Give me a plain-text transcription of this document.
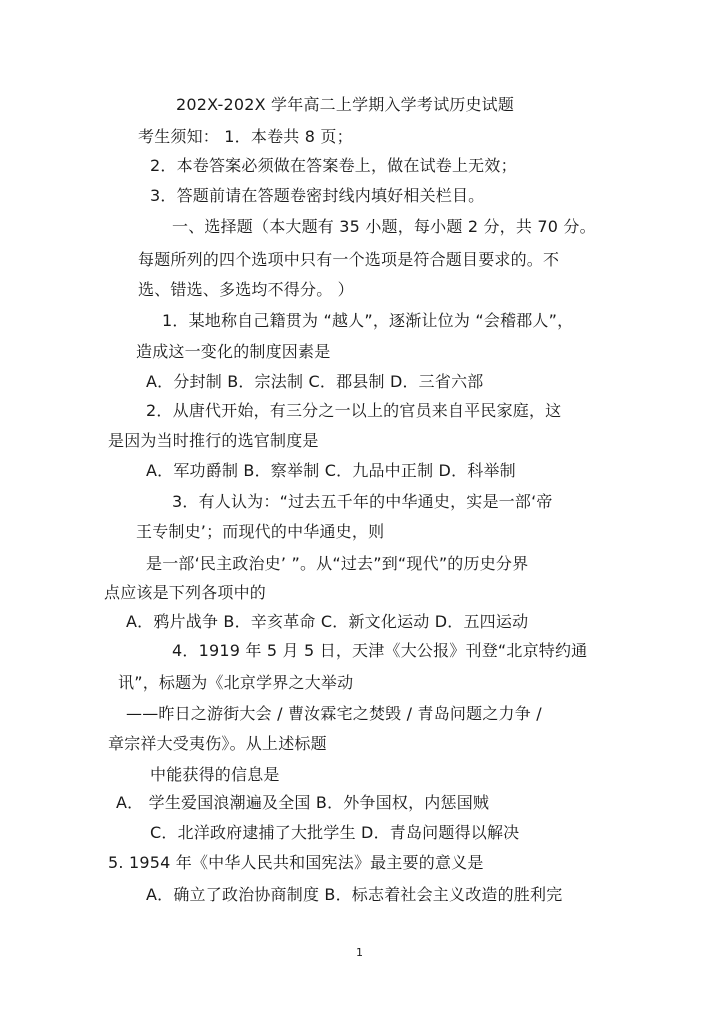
202X-202X 学年高二上学期入学考试历史试题
考生须知： 1．本卷共 8 页；
2．本卷答案必须做在答案卷上，做在试卷上无效；
3．答题前请在答题卷密封线内填好相关栏目。
一、选择题（本大题有 35 小题，每小题 2 分，共 70 分。
每题所列的四个选项中只有一个选项是符合题目要求的。不
选、错选、多选均不得分。 ）
1．某地称自己籍贯为 “越人”，逐渐让位为 “会稽郡人”，
造成这一变化的制度因素是
A．分封制 B．宗法制 C．郡县制 D．三省六部
2．从唐代开始，有三分之一以上的官员来自平民家庭，这
是因为当时推行的选官制度是
A．军功爵制 B．察举制 C．九品中正制 D．科举制
3．有人认为：“过去五千年的中华通史，实是一部‘帝
王专制史’；而现代的中华通史，则
是一部‘民主政治史’ ”。从“过去”到“现代”的历史分界
点应该是下列各项中的
A．鸦片战争 B．辛亥革命 C．新文化运动 D．五四运动
4．1919 年 5 月 5 日，天津《大公报》刊登“北京特约通
讯”，标题为《北京学界之大举动
——昨日之游街大会 / 曹汝霖宅之焚毁 / 青岛问题之力争 /
章宗祥大受夷伤》。从上述标题
中能获得的信息是
A． 学生爱国浪潮遍及全国 B．外争国权，内惩国贼
C．北洋政府逮捕了大批学生 D．青岛问题得以解决
5. 1954 年《中华人民共和国宪法》最主要的意义是
A．确立了政治协商制度 B．标志着社会主义改造的胜利完
1
